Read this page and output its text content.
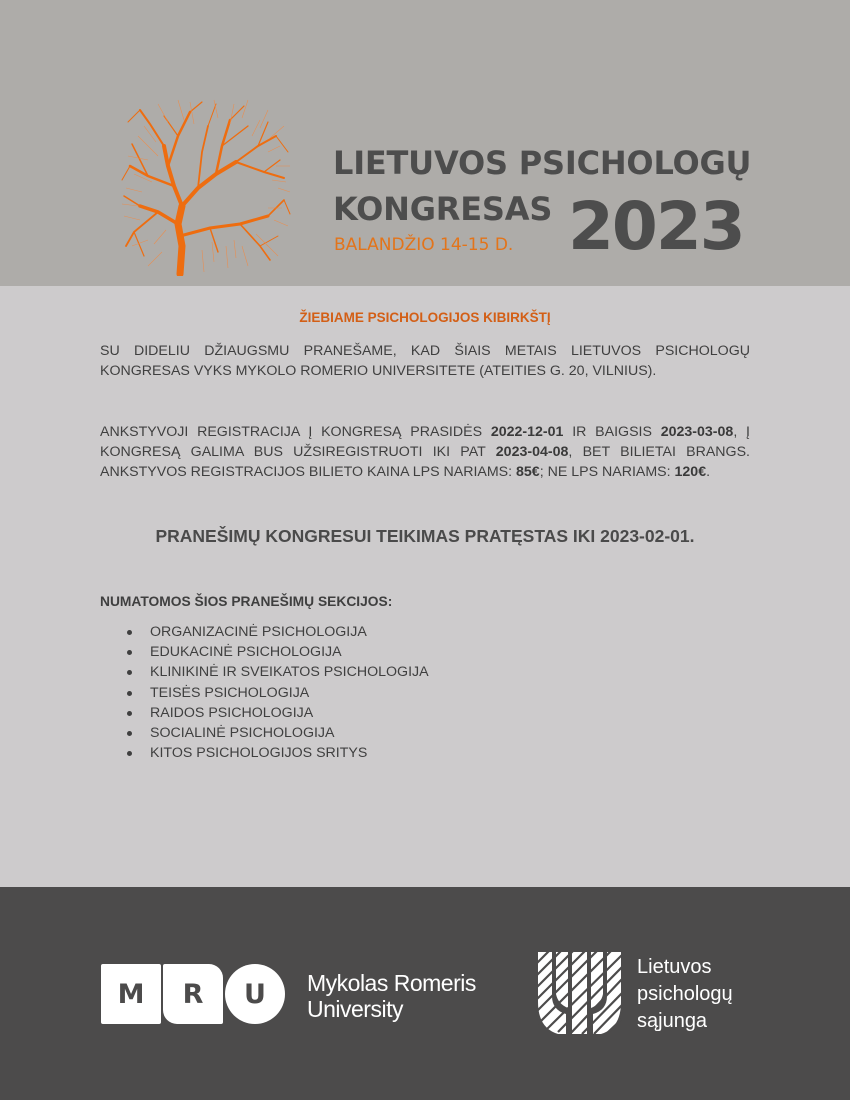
LIETUVOS PSICHOLOGŲ
KONGRESAS 2023
BALANDŽIO 14-15 D.
ŽIEBIAME PSICHOLOGIJOS KIBIRKŠTĮ
SU DIDELIU DŽIAUGSMU PRANEŠAME, KAD ŠIAIS METAIS LIETUVOS PSICHOLOGŲ KONGRESAS VYKS MYKOLO ROMERIO UNIVERSITETE (ATEITIES G. 20, VILNIUS).
ANKSTYVOJI REGISTRACIJA Į KONGRESĄ PRASIDĖS 2022-12-01 IR BAIGSIS 2023-03-08, Į KONGRESĄ GALIMA BUS UŽSIREGISTRUOTI IKI PAT 2023-04-08, BET BILIETAI BRANGS. ANKSTYVOS REGISTRACIJOS BILIETO KAINA LPS NARIAMS: 85€; NE LPS NARIAMS: 120€.
PRANEŠIMŲ KONGRESUI TEIKIMAS PRATĘSTAS IKI 2023-02-01.
NUMATOMOS ŠIOS PRANEŠIMŲ SEKCIJOS:
ORGANIZACINĖ PSICHOLOGIJA
EDUKACINĖ PSICHOLOGIJA
KLINIKINĖ IR SVEIKATOS PSICHOLOGIJA
TEISĖS PSICHOLOGIJA
RAIDOS PSICHOLOGIJA
SOCIALINĖ PSICHOLOGIJA
KITOS PSICHOLOGIJOS SRITYS
M	R	U	Mykolas Romeris
University
Lietuvos
psichologų
sąjunga
